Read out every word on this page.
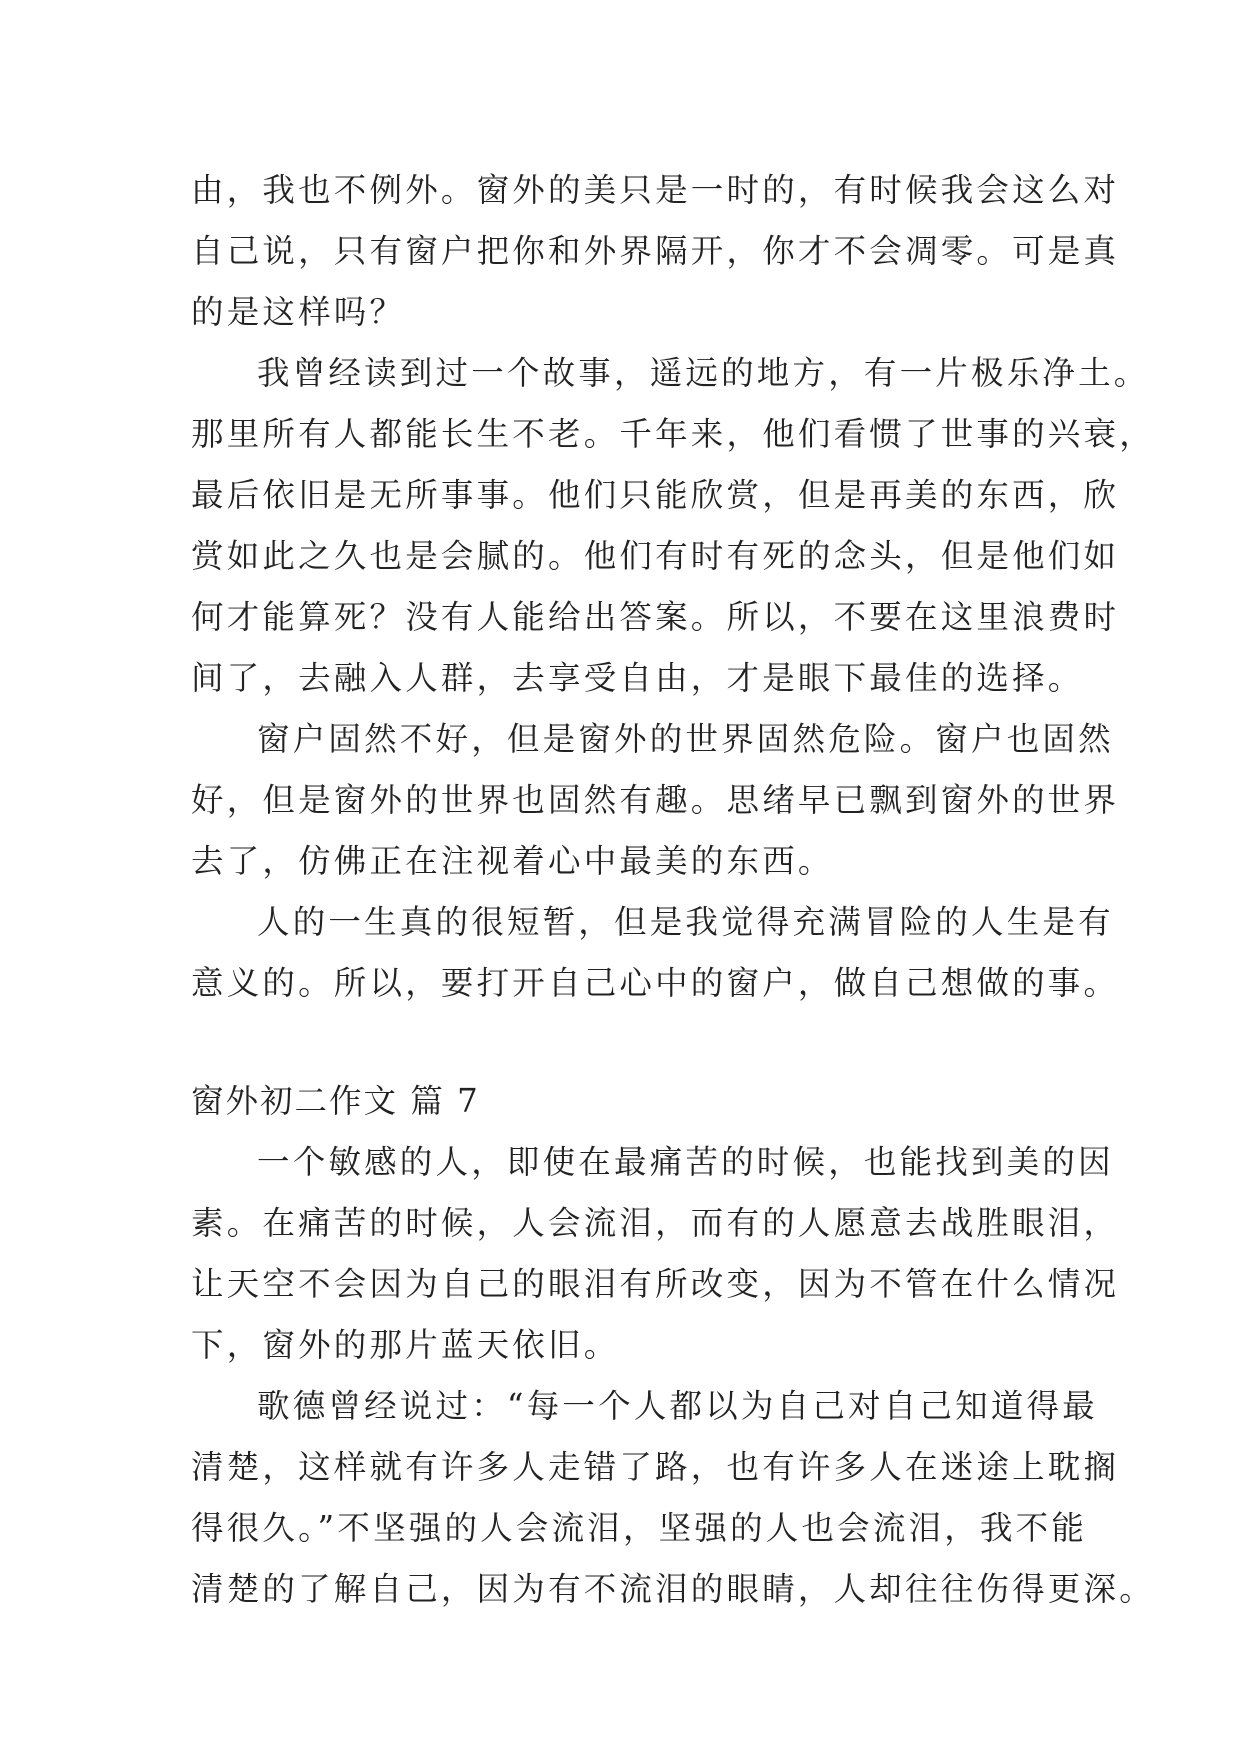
由，我也不例外。窗外的美只是一时的，有时候我会这么对
自己说，只有窗户把你和外界隔开，你才不会凋零。可是真
的是这样吗？
我曾经读到过一个故事，遥远的地方，有一片极乐净土。
那里所有人都能长生不老。千年来，他们看惯了世事的兴衰，
最后依旧是无所事事。他们只能欣赏，但是再美的东西，欣
赏如此之久也是会腻的。他们有时有死的念头，但是他们如
何才能算死？没有人能给出答案。所以，不要在这里浪费时
间了，去融入人群，去享受自由，才是眼下最佳的选择。
窗户固然不好，但是窗外的世界固然危险。窗户也固然
好，但是窗外的世界也固然有趣。思绪早已飘到窗外的世界
去了，仿佛正在注视着心中最美的东西。
人的一生真的很短暂，但是我觉得充满冒险的人生是有
意义的。所以，要打开自己心中的窗户，做自己想做的事。
窗外初二作文 篇 7
一个敏感的人，即使在最痛苦的时候，也能找到美的因
素。在痛苦的时候，人会流泪，而有的人愿意去战胜眼泪，
让天空不会因为自己的眼泪有所改变，因为不管在什么情况
下，窗外的那片蓝天依旧。
歌德曾经说过：“每一个人都以为自己对自己知道得最
清楚，这样就有许多人走错了路，也有许多人在迷途上耽搁
得很久。”不坚强的人会流泪，坚强的人也会流泪，我不能
清楚的了解自己，因为有不流泪的眼睛，人却往往伤得更深。
